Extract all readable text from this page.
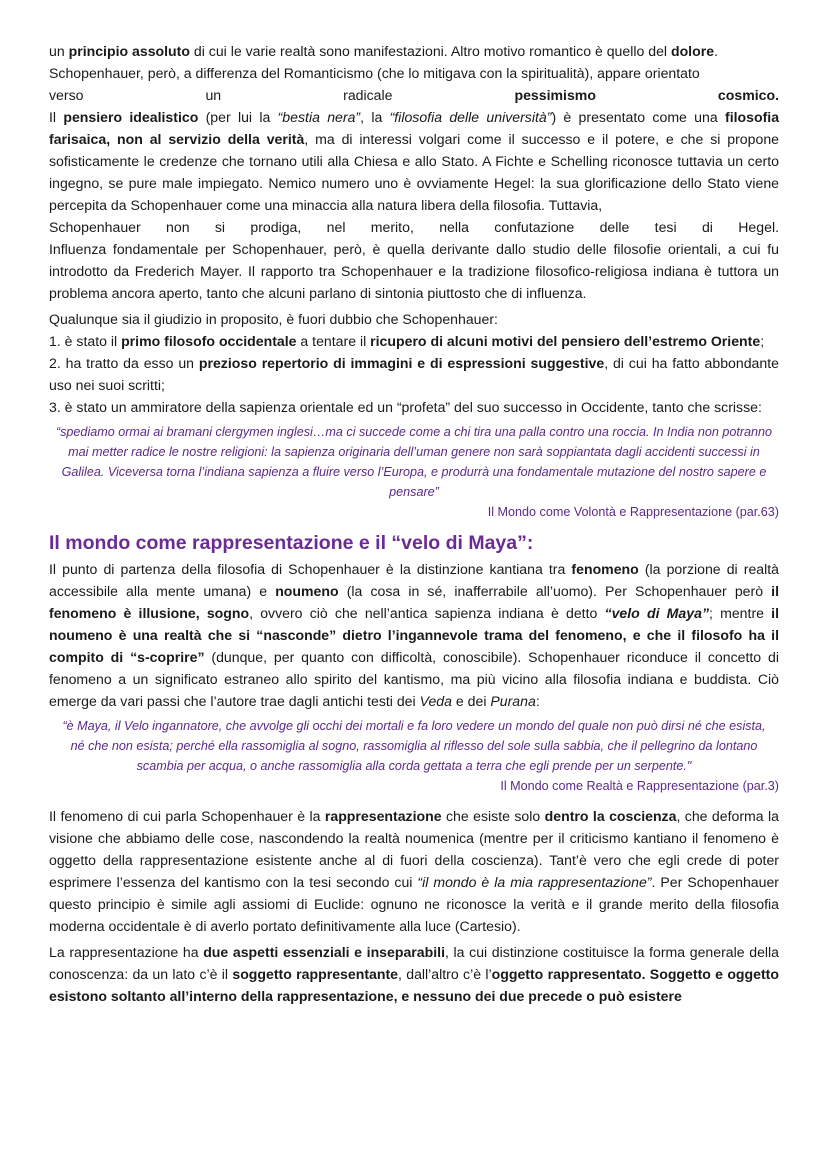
un principio assoluto di cui le varie realtà sono manifestazioni. Altro motivo romantico è quello del dolore.

Schopenhauer, però, a differenza del Romanticismo (che lo mitigava con la spiritualità), appare orientato

verso	un	radicale	pessimismo	cosmico.

Il pensiero idealistico (per lui la “bestia nera”, la “filosofia delle università”) è presentato come una filosofia farisaica, non al servizio della verità, ma di interessi volgari come il successo e il potere, e che si propone sofisticamente le credenze che tornano utili alla Chiesa e allo Stato. A Fichte e Schelling riconosce tuttavia un certo ingegno, se pure male impiegato. Nemico numero uno è ovviamente Hegel: la sua glorificazione dello Stato viene percepita da Schopenhauer come una minaccia alla natura libera della filosofia. Tuttavia,

Schopenhauer non si prodiga, nel merito, nella confutazione delle tesi di Hegel.

Influenza fondamentale per Schopenhauer, però, è quella derivante dallo studio delle filosofie orientali, a cui fu introdotto da Frederich Mayer. Il rapporto tra Schopenhauer e la tradizione filosofico-religiosa indiana è tuttora un problema ancora aperto, tanto che alcuni parlano di sintonia piuttosto che di influenza.

Qualunque sia il giudizio in proposito, è fuori dubbio che Schopenhauer:

1. è stato il primo filosofo occidentale a tentare il ricupero di alcuni motivi del pensiero dell’estremo Oriente;

2. ha tratto da esso un prezioso repertorio di immagini e di espressioni suggestive, di cui ha fatto abbondante uso nei suoi scritti;

3. è stato un ammiratore della sapienza orientale ed un “profeta” del suo successo in Occidente, tanto che scrisse:

“spediamo ormai ai bramani clergymen inglesi…ma ci succede come a chi tira una palla contro una roccia. In India non potranno mai metter radice le nostre religioni: la sapienza originaria dell’uman genere non sarà soppiantata dagli accidenti successi in Galilea. Viceversa torna l’indiana sapienza a fluire verso l’Europa, e produrrà una fondamentale mutazione del nostro sapere e pensare”

Il Mondo come Volontà e Rappresentazione (par.63)

Il mondo come rappresentazione e il “velo di Maya”:

Il punto di partenza della filosofia di Schopenhauer è la distinzione kantiana tra fenomeno (la porzione di realtà accessibile alla mente umana) e noumeno (la cosa in sé, inafferrabile all’uomo). Per Schopenhauer però il fenomeno è illusione, sogno, ovvero ciò che nell’antica sapienza indiana è detto “velo di Maya”; mentre il noumeno è una realtà che si “nasconde” dietro l’ingannevole trama del fenomeno, e che il filosofo ha il compito di “s-coprire” (dunque, per quanto con difficoltà, conoscibile). Schopenhauer riconduce il concetto di fenomeno a un significato estraneo allo spirito del kantismo, ma più vicino alla filosofia indiana e buddista. Ciò emerge da vari passi che l’autore trae dagli antichi testi dei Veda e dei Purana:

“è Maya, il Velo ingannatore, che avvolge gli occhi dei mortali e fa loro vedere un mondo del quale non può dirsi né che esista, né che non esista; perché ella rassomiglia al sogno, rassomiglia al riflesso del sole sulla sabbia, che il pellegrino da lontano scambia per acqua, o anche rassomiglia alla corda gettata a terra che egli prende per un serpente."

Il Mondo come Realtà e Rappresentazione (par.3)

Il fenomeno di cui parla Schopenhauer è la rappresentazione che esiste solo dentro la coscienza, che deforma la visione che abbiamo delle cose, nascondendo la realtà noumenica (mentre per il criticismo kantiano il fenomeno è oggetto della rappresentazione esistente anche al di fuori della coscienza). Tant’è vero che egli crede di poter esprimere l’essenza del kantismo con la tesi secondo cui “il mondo è la mia rappresentazione”. Per Schopenhauer questo principio è simile agli assiomi di Euclide: ognuno ne riconosce la verità e il grande merito della filosofia moderna occidentale è di averlo portato definitivamente alla luce (Cartesio).

La rappresentazione ha due aspetti essenziali e inseparabili, la cui distinzione costituisce la forma generale della conoscenza: da un lato c’è il soggetto rappresentante, dall’altro c’è l’oggetto rappresentato. Soggetto e oggetto esistono soltanto all’interno della rappresentazione, e nessuno dei due precede o può esistere
